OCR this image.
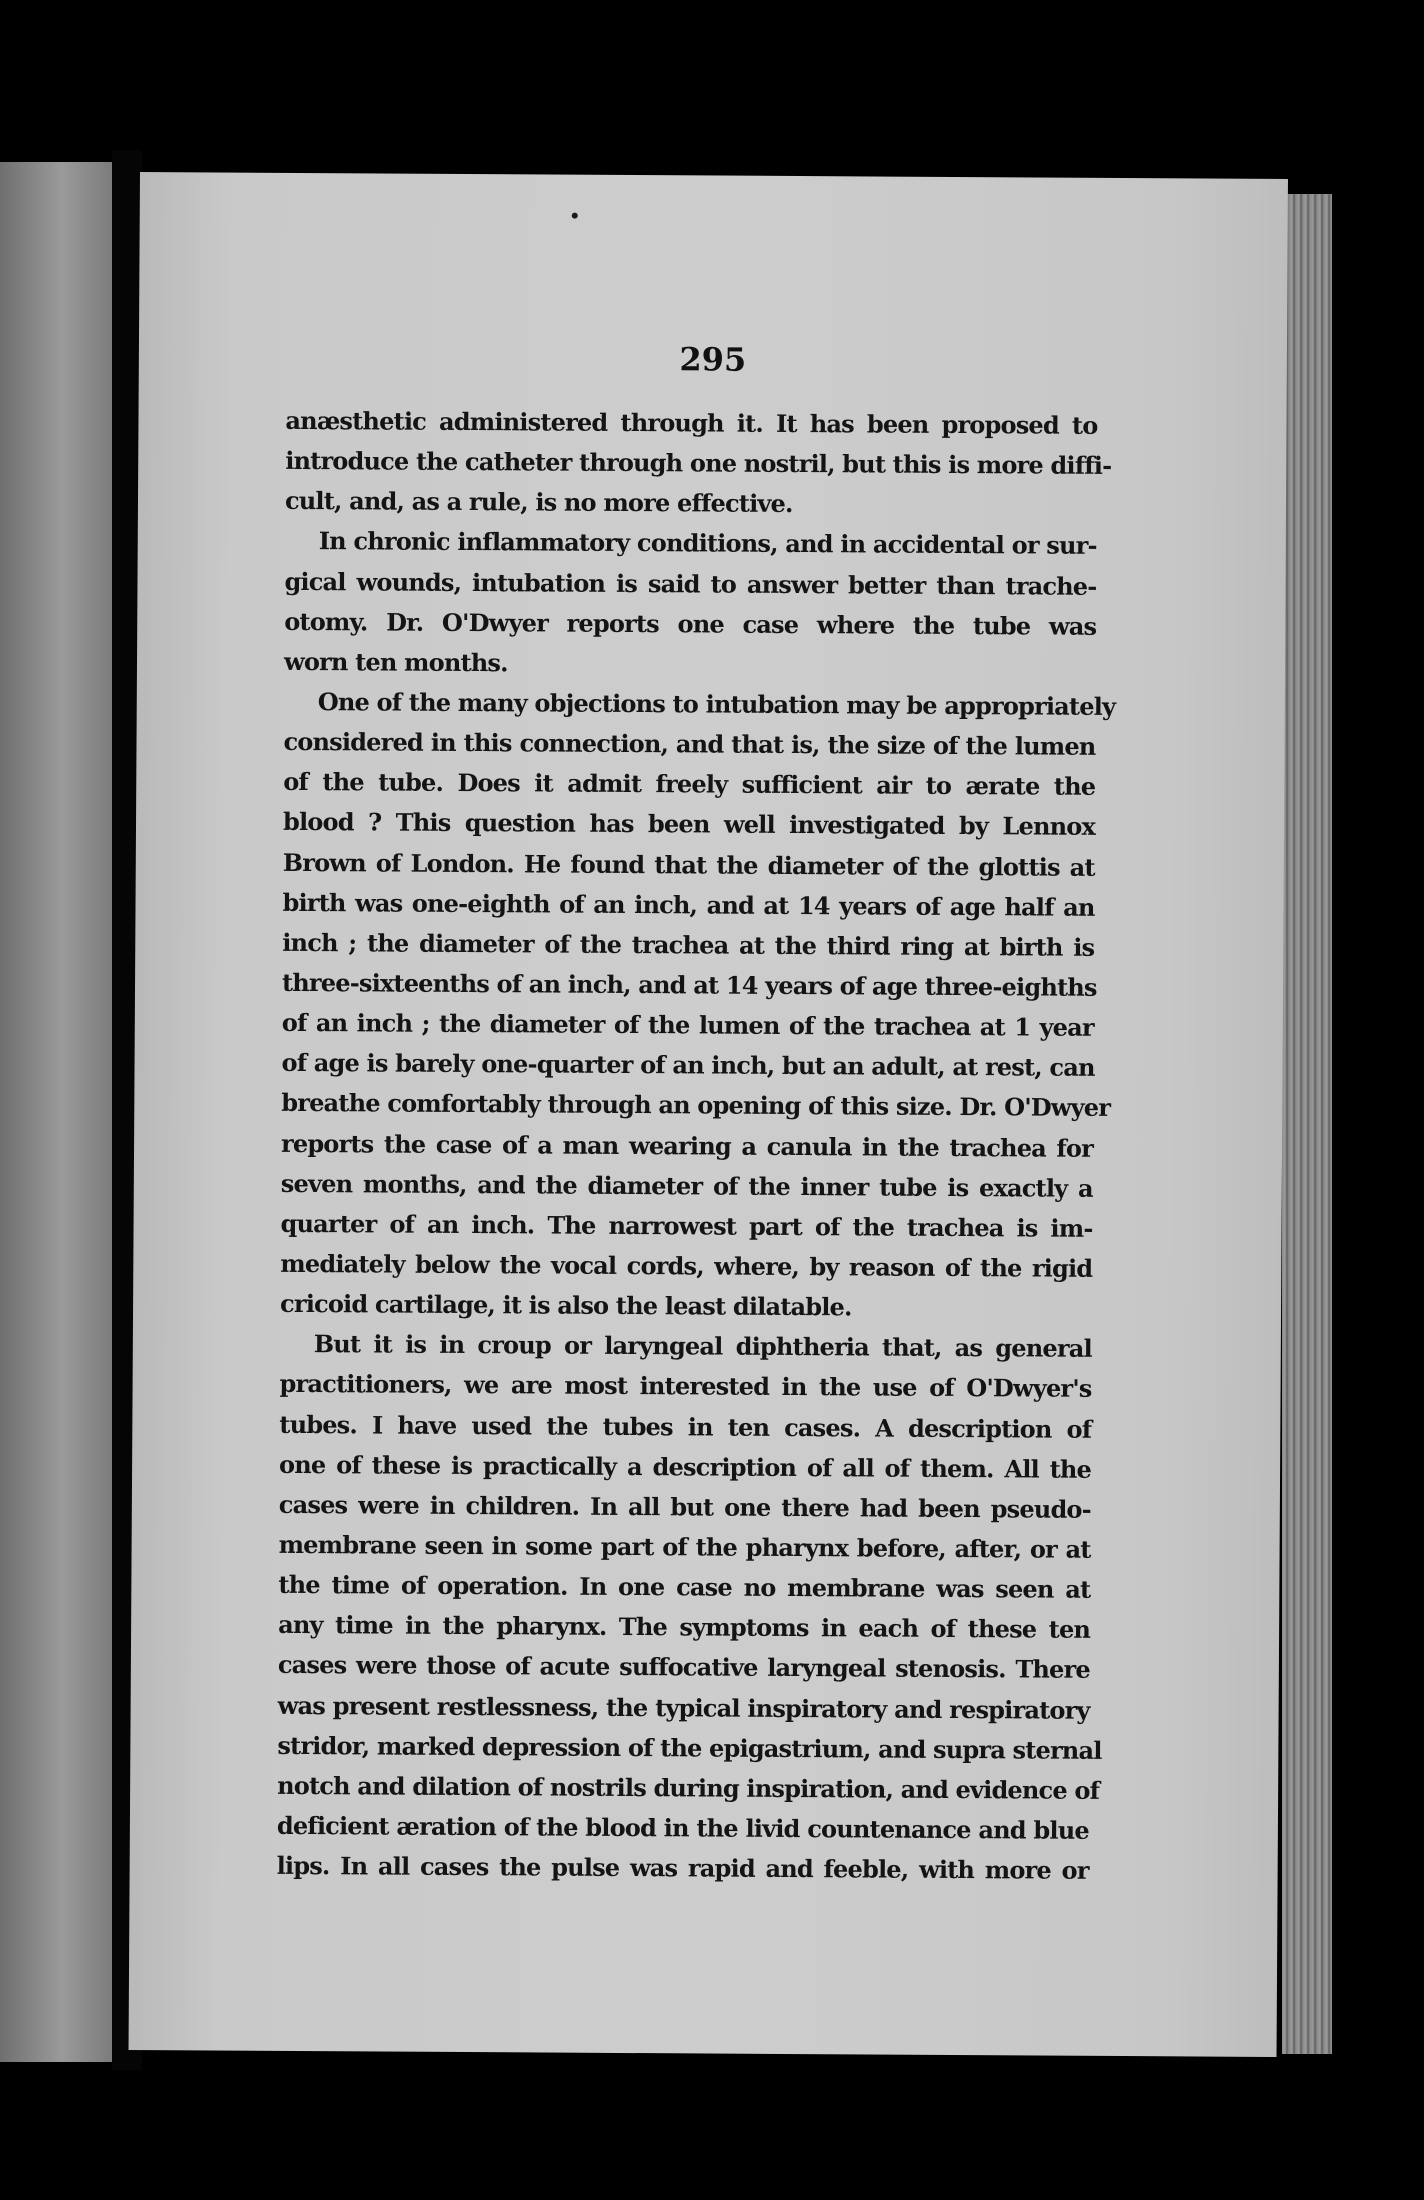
295
anæsthetic administered through it. It has been proposed to
introduce the catheter through one nostril, but this is more diffi-
cult, and, as a rule, is no more effective.
In chronic inflammatory conditions, and in accidental or sur-
gical wounds, intubation is said to answer better than trache-
otomy. Dr. O'Dwyer reports one case where the tube was
worn ten months.
One of the many objections to intubation may be appropriately
considered in this connection, and that is, the size of the lumen
of the tube. Does it admit freely sufficient air to ærate the
blood ? This question has been well investigated by Lennox
Brown of London. He found that the diameter of the glottis at
birth was one-eighth of an inch, and at 14 years of age half an
inch ; the diameter of the trachea at the third ring at birth is
three-sixteenths of an inch, and at 14 years of age three-eighths
of an inch ; the diameter of the lumen of the trachea at 1 year
of age is barely one-quarter of an inch, but an adult, at rest, can
breathe comfortably through an opening of this size. Dr. O'Dwyer
reports the case of a man wearing a canula in the trachea for
seven months, and the diameter of the inner tube is exactly a
quarter of an inch. The narrowest part of the trachea is im-
mediately below the vocal cords, where, by reason of the rigid
cricoid cartilage, it is also the least dilatable.
But it is in croup or laryngeal diphtheria that, as general
practitioners, we are most interested in the use of O'Dwyer's
tubes. I have used the tubes in ten cases. A description of
one of these is practically a description of all of them. All the
cases were in children. In all but one there had been pseudo-
membrane seen in some part of the pharynx before, after, or at
the time of operation. In one case no membrane was seen at
any time in the pharynx. The symptoms in each of these ten
cases were those of acute suffocative laryngeal stenosis. There
was present restlessness, the typical inspiratory and respiratory
stridor, marked depression of the epigastrium, and supra sternal
notch and dilation of nostrils during inspiration, and evidence of
deficient æration of the blood in the livid countenance and blue
lips. In all cases the pulse was rapid and feeble, with more or
